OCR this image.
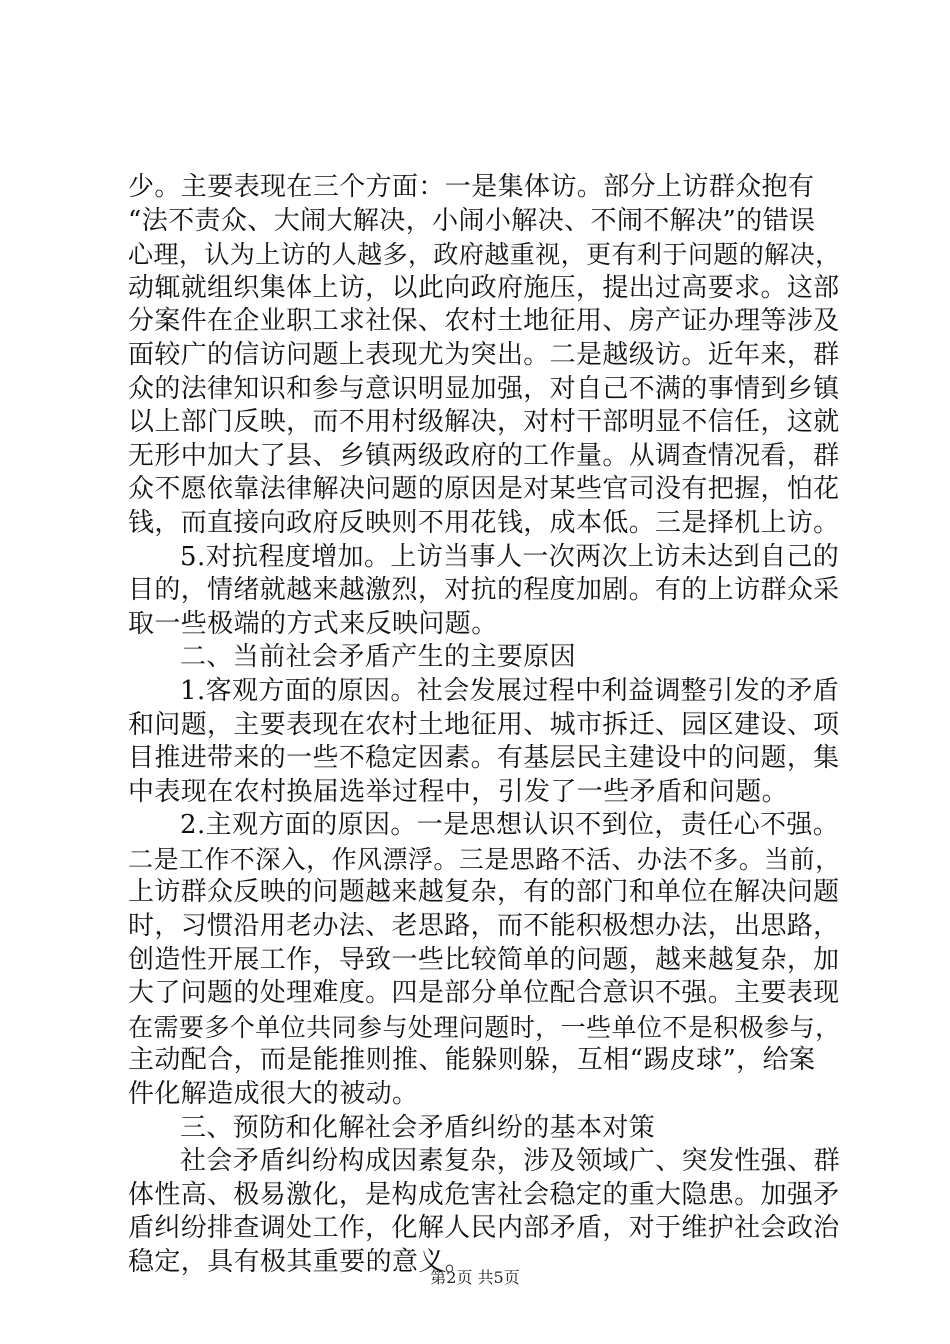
少。主要表现在三个方面：一是集体访。部分上访群众抱有
“法不责众、大闹大解决，小闹小解决、不闹不解决”的错误
心理，认为上访的人越多，政府越重视，更有利于问题的解决，
动辄就组织集体上访，以此向政府施压，提出过高要求。这部
分案件在企业职工求社保、农村土地征用、房产证办理等涉及
面较广的信访问题上表现尤为突出。二是越级访。近年来，群
众的法律知识和参与意识明显加强，对自己不满的事情到乡镇
以上部门反映，而不用村级解决，对村干部明显不信任，这就
无形中加大了县、乡镇两级政府的工作量。从调查情况看，群
众不愿依靠法律解决问题的原因是对某些官司没有把握，怕花
钱，而直接向政府反映则不用花钱，成本低。三是择机上访。
5.对抗程度增加。上访当事人一次两次上访未达到自己的
目的，情绪就越来越激烈，对抗的程度加剧。有的上访群众采
取一些极端的方式来反映问题。
二、当前社会矛盾产生的主要原因
1.客观方面的原因。社会发展过程中利益调整引发的矛盾
和问题，主要表现在农村土地征用、城市拆迁、园区建设、项
目推进带来的一些不稳定因素。有基层民主建设中的问题，集
中表现在农村换届选举过程中，引发了一些矛盾和问题。
2.主观方面的原因。一是思想认识不到位，责任心不强。
二是工作不深入，作风漂浮。三是思路不活、办法不多。当前，
上访群众反映的问题越来越复杂，有的部门和单位在解决问题
时，习惯沿用老办法、老思路，而不能积极想办法，出思路，
创造性开展工作，导致一些比较简单的问题，越来越复杂，加
大了问题的处理难度。四是部分单位配合意识不强。主要表现
在需要多个单位共同参与处理问题时，一些单位不是积极参与，
主动配合，而是能推则推、能躲则躲，互相“踢皮球”，给案
件化解造成很大的被动。
三、预防和化解社会矛盾纠纷的基本对策
社会矛盾纠纷构成因素复杂，涉及领域广、突发性强、群
体性高、极易激化，是构成危害社会稳定的重大隐患。加强矛
盾纠纷排查调处工作，化解人民内部矛盾，对于维护社会政治
稳定，具有极其重要的意义。
第2页 共5页
